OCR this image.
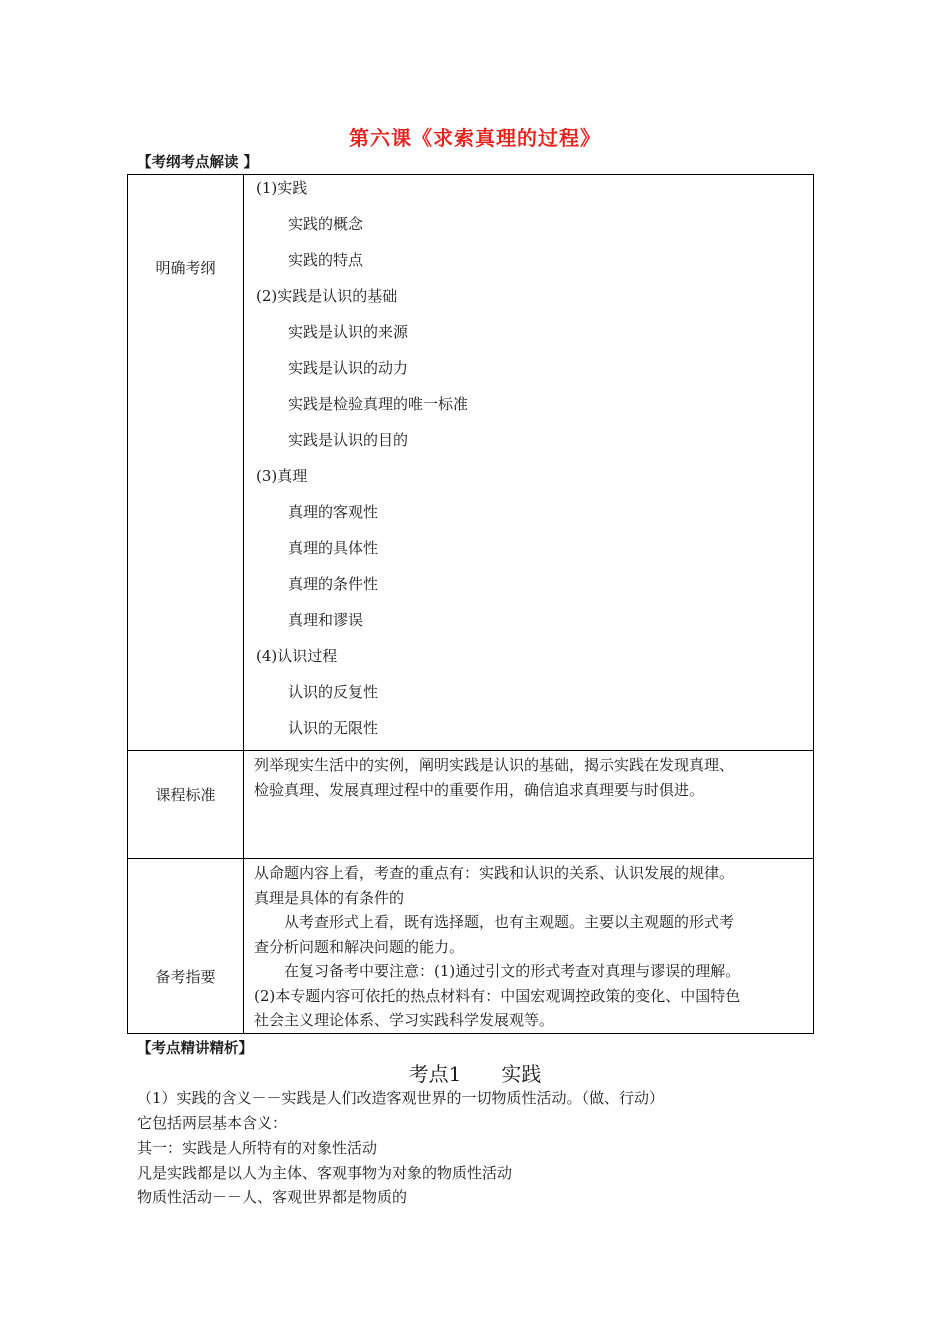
第六课《求索真理的过程》
【考纲考点解读 】
明确考纲
(1)实践
实践的概念
实践的特点
(2)实践是认识的基础
实践是认识的来源
实践是认识的动力
实践是检验真理的唯一标准
实践是认识的目的
(3)真理
真理的客观性
真理的具体性
真理的条件性
真理和谬误
(4)认识过程
认识的反复性
认识的无限性
课程标准
列举现实生活中的实例，阐明实践是认识的基础，揭示实践在发现真理、
检验真理、发展真理过程中的重要作用，确信追求真理要与时俱进。
备考指要
从命题内容上看，考查的重点有：实践和认识的关系、认识发展的规律。
真理是具体的有条件的
　　从考查形式上看，既有选择题，也有主观题。主要以主观题的形式考
查分析问题和解决问题的能力。
　　在复习备考中要注意：(1)通过引文的形式考查对真理与谬误的理解。
(2)本专题内容可依托的热点材料有：中国宏观调控政策的变化、中国特色
社会主义理论体系、学习实践科学发展观等。
【考点精讲精析】
考点1　　实践
（1）实践的含义－－实践是人们改造客观世界的一切物质性活动。（做、行动）
它包括两层基本含义：
其一：实践是人所特有的对象性活动
凡是实践都是以人为主体、客观事物为对象的物质性活动
物质性活动－－人、客观世界都是物质的
